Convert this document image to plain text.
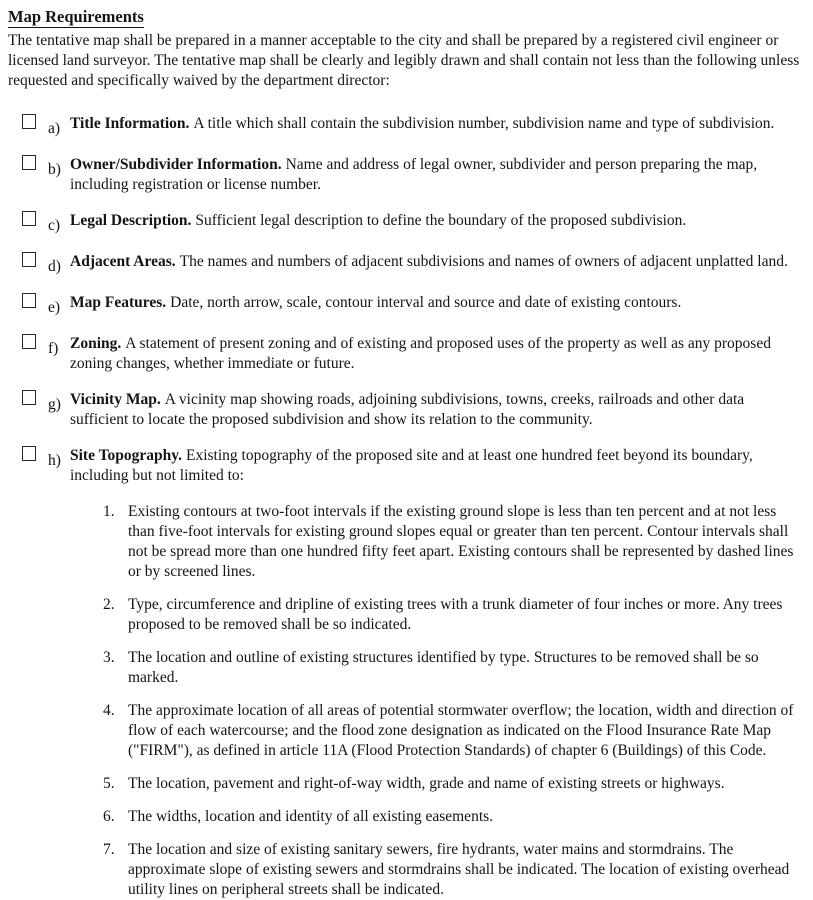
Map Requirements

The tentative map shall be prepared in a manner acceptable to the city and shall be prepared by a registered civil engineer or licensed land surveyor. The tentative map shall be clearly and legibly drawn and shall contain not less than the following unless requested and specifically waived by the department director:

a) Title Information. A title which shall contain the subdivision number, subdivision name and type of subdivision.

b) Owner/Subdivider Information. Name and address of legal owner, subdivider and person preparing the map, including registration or license number.

c) Legal Description. Sufficient legal description to define the boundary of the proposed subdivision.

d) Adjacent Areas. The names and numbers of adjacent subdivisions and names of owners of adjacent unplatted land.

e) Map Features. Date, north arrow, scale, contour interval and source and date of existing contours.

f) Zoning. A statement of present zoning and of existing and proposed uses of the property as well as any proposed zoning changes, whether immediate or future.

g) Vicinity Map. A vicinity map showing roads, adjoining subdivisions, towns, creeks, railroads and other data sufficient to locate the proposed subdivision and show its relation to the community.

h) Site Topography. Existing topography of the proposed site and at least one hundred feet beyond its boundary, including but not limited to:

1. Existing contours at two-foot intervals if the existing ground slope is less than ten percent and at not less than five-foot intervals for existing ground slopes equal or greater than ten percent. Contour intervals shall not be spread more than one hundred fifty feet apart. Existing contours shall be represented by dashed lines or by screened lines.
2. Type, circumference and dripline of existing trees with a trunk diameter of four inches or more. Any trees proposed to be removed shall be so indicated.
3. The location and outline of existing structures identified by type. Structures to be removed shall be so marked.
4. The approximate location of all areas of potential stormwater overflow; the location, width and direction of flow of each watercourse; and the flood zone designation as indicated on the Flood Insurance Rate Map ("FIRM"), as defined in article 11A (Flood Protection Standards) of chapter 6 (Buildings) of this Code.
5. The location, pavement and right-of-way width, grade and name of existing streets or highways.
6. The widths, location and identity of all existing easements.
7. The location and size of existing sanitary sewers, fire hydrants, water mains and stormdrains. The approximate slope of existing sewers and stormdrains shall be indicated. The location of existing overhead utility lines on peripheral streets shall be indicated.
